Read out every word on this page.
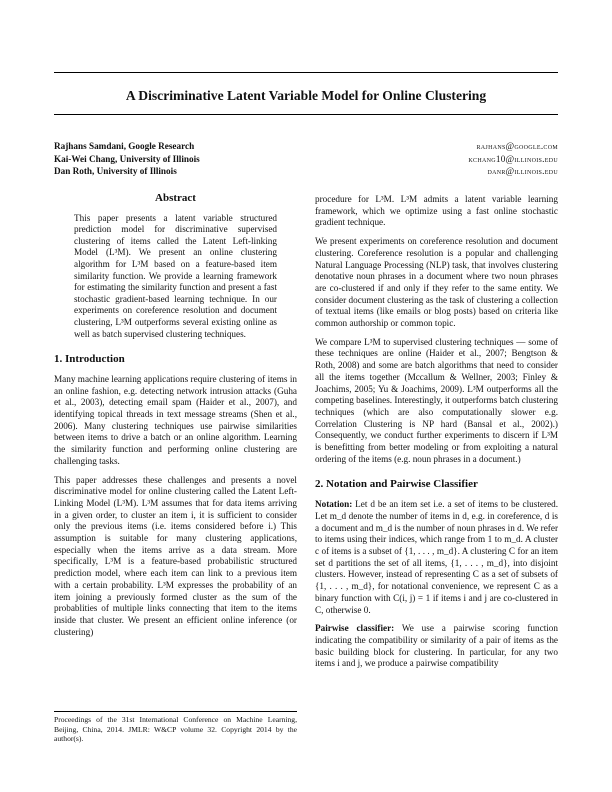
A Discriminative Latent Variable Model for Online Clustering
Rajhans Samdani, Google Research	rajhans@google.com
Kai-Wei Chang, University of Illinois	kchang10@illinois.edu
Dan Roth, University of Illinois	danr@illinois.edu
Abstract

This paper presents a latent variable structured prediction model for discriminative supervised clustering of items called the Latent Left-linking Model (L³M). We present an online clustering algorithm for L³M based on a feature-based item similarity function. We provide a learning framework for estimating the similarity function and present a fast stochastic gradient-based learning technique. In our experiments on coreference resolution and document clustering, L³M outperforms several existing online as well as batch supervised clustering techniques.

1. Introduction

Many machine learning applications require clustering of items in an online fashion, e.g. detecting network intrusion attacks (Guha et al., 2003), detecting email spam (Haider et al., 2007), and identifying topical threads in text message streams (Shen et al., 2006). Many clustering techniques use pairwise similarities between items to drive a batch or an online algorithm. Learning the similarity function and performing online clustering are challenging tasks.

This paper addresses these challenges and presents a novel discriminative model for online clustering called the Latent Left-Linking Model (L³M). L³M assumes that for data items arriving in a given order, to cluster an item i, it is sufficient to consider only the previous items (i.e. items considered before i.) This assumption is suitable for many clustering applications, especially when the items arrive as a data stream. More specifically, L³M is a feature-based probabilistic structured prediction model, where each item can link to a previous item with a certain probability. L³M expresses the probability of an item joining a previously formed cluster as the sum of the probablities of multiple links connecting that item to the items inside that cluster. We present an efficient online inference (or clustering)

procedure for L³M. L³M admits a latent variable learning framework, which we optimize using a fast online stochastic gradient technique.

We present experiments on coreference resolution and document clustering. Coreference resolution is a popular and challenging Natural Language Processing (NLP) task, that involves clustering denotative noun phrases in a document where two noun phrases are co-clustered if and only if they refer to the same entity. We consider document clustering as the task of clustering a collection of textual items (like emails or blog posts) based on criteria like common authorship or common topic.

We compare L³M to supervised clustering techniques — some of these techniques are online (Haider et al., 2007; Bengtson & Roth, 2008) and some are batch algorithms that need to consider all the items together (Mccallum & Wellner, 2003; Finley & Joachims, 2005; Yu & Joachims, 2009). L³M outperforms all the competing baselines. Interestingly, it outperforms batch clustering techniques (which are also computationally slower e.g. Correlation Clustering is NP hard (Bansal et al., 2002).) Consequently, we conduct further experiments to discern if L³M is benefitting from better modeling or from exploiting a natural ordering of the items (e.g. noun phrases in a document.)

2. Notation and Pairwise Classifier

Notation: Let d be an item set i.e. a set of items to be clustered. Let m_d denote the number of items in d, e.g. in coreference, d is a document and m_d is the number of noun phrases in d. We refer to items using their indices, which range from 1 to m_d. A cluster c of items is a subset of {1, . . . , m_d}. A clustering C for an item set d partitions the set of all items, {1, . . . , m_d}, into disjoint clusters. However, instead of representing C as a set of subsets of {1, . . . , m_d}, for notational convenience, we represent C as a binary function with C(i, j) = 1 if items i and j are co-clustered in C, otherwise 0.

Pairwise classifier: We use a pairwise scoring function indicating the compatibility or similarity of a pair of items as the basic building block for clustering. In particular, for any two items i and j, we produce a pairwise compatibility

Proceedings of the 31st International Conference on Machine Learning, Beijing, China, 2014. JMLR: W&CP volume 32. Copyright 2014 by the author(s).
